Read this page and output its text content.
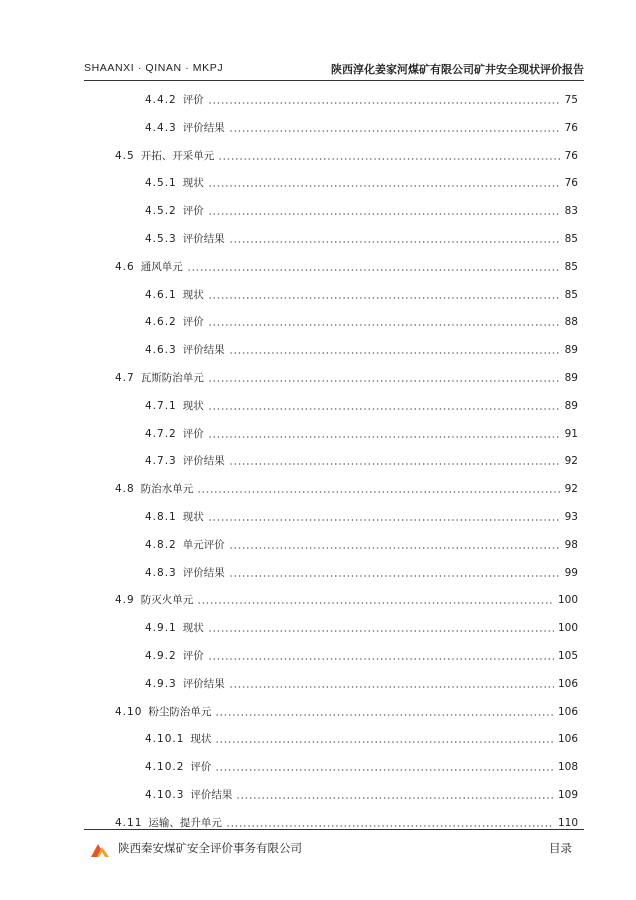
SHAANXI · QINAN · MKPJ	陕西淳化姜家河煤矿有限公司矿井安全现状评价报告
4.4.2 评价	75
4.4.3 评价结果	76
4.5 开拓、开采单元	76
4.5.1 现状	76
4.5.2 评价	83
4.5.3 评价结果	85
4.6 通风单元	85
4.6.1 现状	85
4.6.2 评价	88
4.6.3 评价结果	89
4.7 瓦斯防治单元	89
4.7.1 现状	89
4.7.2 评价	91
4.7.3 评价结果	92
4.8 防治水单元	92
4.8.1 现状	93
4.8.2 单元评价	98
4.8.3 评价结果	99
4.9 防灭火单元	100
4.9.1 现状	100
4.9.2 评价	105
4.9.3 评价结果	106
4.10 粉尘防治单元	106
4.10.1 现状	106
4.10.2 评价	108
4.10.3 评价结果	109
4.11 运输、提升单元	110
陕西秦安煤矿安全评价事务有限公司	目录
